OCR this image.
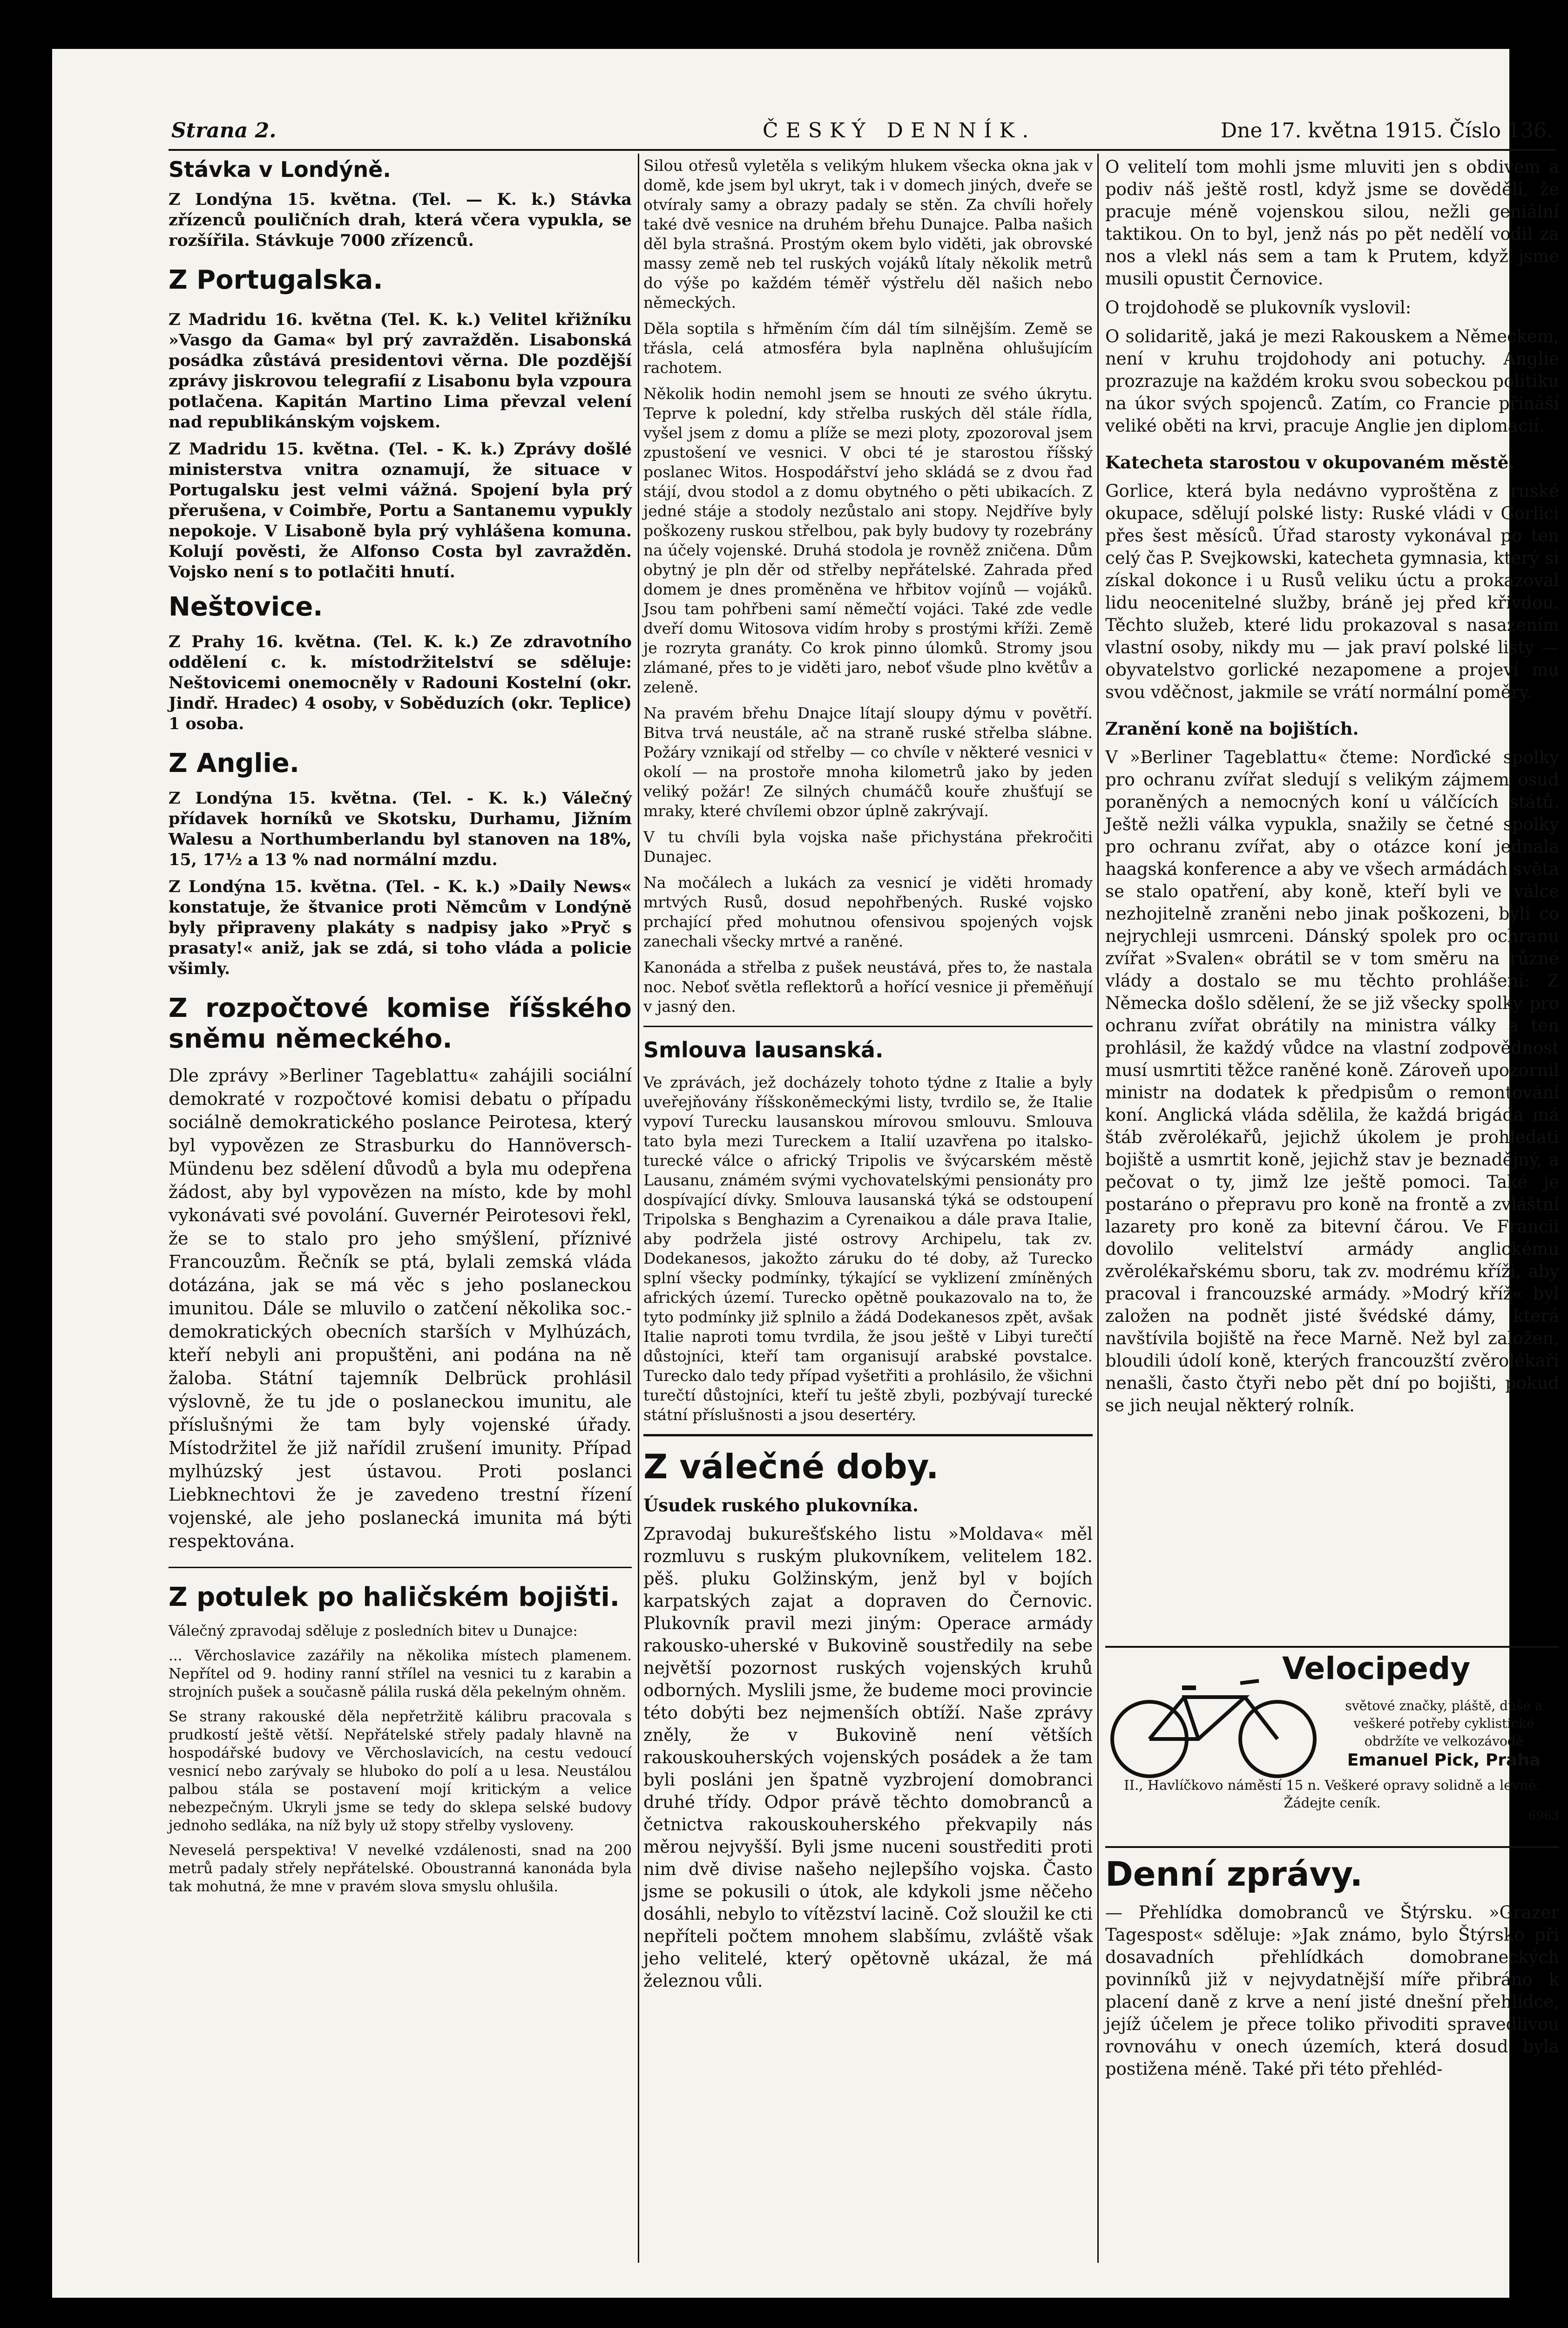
Strana 2.	ČESKÝ DENNÍK.	Dne 17. května 1915. Číslo 136.

Stávka v Londýně.

Z Londýna 15. května. (Tel. — K. k.) Stávka zřízenců pouličních drah, která včera vypukla, se rozšířila. Stávkuje 7000 zřízenců.

Z Portugalska.

Z Madridu 16. května (Tel. K. k.) Velitel křižníku »Vasgo da Gama« byl prý zavražděn. Lisabonská posádka zůstává presidentovi věrna. Dle pozdější zprávy jiskrovou telegrafií z Lisabonu byla vzpoura potlačena. Kapitán Martino Lima převzal velení nad republikánským vojskem.

Z Madridu 15. května. (Tel. - K. k.) Zprávy došlé ministerstva vnitra oznamují, že situace v Portugalsku jest velmi vážná. Spojení byla prý přerušena, v Coimbře, Portu a Santanemu vypukly nepokoje. V Lisaboně byla prý vyhlášena komuna. Kolují pověsti, že Alfonso Costa byl zavražděn. Vojsko není s to potlačiti hnutí.

Neštovice.

Z Prahy 16. května. (Tel. K. k.) Ze zdravotního oddělení c. k. místodržitelství se sděluje: Neštovicemi onemocněly v Radouni Kostelní (okr. Jindř. Hradec) 4 osoby, v Soběduzích (okr. Teplice) 1 osoba.

Z Anglie.

Z Londýna 15. května. (Tel. - K. k.) Válečný přídavek horníků ve Skotsku, Durhamu, Jižním Walesu a Northumberlandu byl stanoven na 18%, 15, 17½ a 13 % nad normální mzdu.

Z Londýna 15. května. (Tel. - K. k.) »Daily News« konstatuje, že štvanice proti Němcům v Londýně byly připraveny plakáty s nadpisy jako »Pryč s prasaty!« aniž, jak se zdá, si toho vláda a policie všimly.

Z rozpočtové komise říšského sněmu německého.

Dle zprávy »Berliner Tageblattu« zahájili sociální demokraté v rozpočtové komisi debatu o případu sociálně demokratického poslance Peirotesa, který byl vypovězen ze Strasburku do Hannöversch-Mündenu bez sdělení důvodů a byla mu odepřena žádost, aby byl vypovězen na místo, kde by mohl vykonávati své povolání. Guvernér Peirotesovi řekl, že se to stalo pro jeho smýšlení, příznivé Francouzům. Řečník se ptá, bylali zemská vláda dotázána, jak se má věc s jeho poslaneckou imunitou. Dále se mluvilo o zatčení několika soc.-demokratických obecních starších v Mylhúzách, kteří nebyli ani propuštěni, ani podána na ně žaloba. Státní tajemník Delbrück prohlásil výslovně, že tu jde o poslaneckou imunitu, ale příslušnými že tam byly vojenské úřady. Místodržitel že již nařídil zrušení imunity. Případ mylhúzský jest ústavou. Proti poslanci Liebknechtovi že je zavedeno trestní řízení vojenské, ale jeho poslanecká imunita má býti respektována.

Z potulek po haličském bojišti.

Válečný zpravodaj sděluje z posledních bitev u Dunajce:

... Věrchoslavice zazářily na několika místech plamenem. Nepřítel od 9. hodiny ranní střílel na vesnici tu z karabin a strojních pušek a současně pálila ruská děla pekelným ohněm.

Se strany rakouské děla nepřetržitě kálibru pracovala s prudkostí ještě větší. Nepřátelské střely padaly hlavně na hospodářské budovy ve Věrchoslavicích, na cestu vedoucí vesnicí nebo zarývaly se hluboko do polí a u lesa. Neustálou palbou stála se postavení mojí kritickým a velice nebezpečným. Ukryli jsme se tedy do sklepa selské budovy jednoho sedláka, na níž byly už stopy střelby vysloveny.

Neveselá perspektiva! V nevelké vzdálenosti, snad na 200 metrů padaly střely nepřátelské. Oboustranná kanonáda byla tak mohutná, že mne v pravém slova smyslu ohlušila.

Silou otřesů vyletěla s velikým hlukem všecka okna jak v domě, kde jsem byl ukryt, tak i v domech jiných, dveře se otvíraly samy a obrazy padaly se stěn. Za chvíli hořely také dvě vesnice na druhém břehu Dunajce. Palba našich děl byla strašná. Prostým okem bylo viděti, jak obrovské massy země neb tel ruských vojáků lítaly několik metrů do výše po každém téměř výstřelu děl našich nebo německých.

Děla soptila s hřměním čím dál tím silnějším. Země se třásla, celá atmosféra byla naplněna ohlušujícím rachotem.

Několik hodin nemohl jsem se hnouti ze svého úkrytu. Teprve k polední, kdy střelba ruských děl stále řídla, vyšel jsem z domu a plíže se mezi ploty, zpozoroval jsem zpustošení ve vesnici. V obci té je starostou říšský poslanec Witos. Hospodářství jeho skládá se z dvou řad stájí, dvou stodol a z domu obytného o pěti ubikacích. Z jedné stáje a stodoly nezůstalo ani stopy. Nejdříve byly poškozeny ruskou střelbou, pak byly budovy ty rozebrány na účely vojenské. Druhá stodola je rovněž zničena. Dům obytný je pln děr od střelby nepřátelské. Zahrada před domem je dnes proměněna ve hřbitov vojínů — vojáků. Jsou tam pohřbeni samí němečtí vojáci. Také zde vedle dveří domu Witosova vidím hroby s prostými kříži. Země je rozryta granáty. Co krok pinno úlomků. Stromy jsou zlámané, přes to je viděti jaro, neboť všude plno květův a zeleně.

Na pravém břehu Dnajce lítají sloupy dýmu v povětří. Bitva trvá neustále, ač na straně ruské střelba slábne. Požáry vznikají od střelby — co chvíle v některé vesnici v okolí — na prostoře mnoha kilometrů jako by jeden veliký požár! Ze silných chumáčů kouře zhušťují se mraky, které chvílemi obzor úplně zakrývají.

V tu chvíli byla vojska naše přichystána překročiti Dunajec.

Na močálech a lukách za vesnicí je viděti hromady mrtvých Rusů, dosud nepohřbených. Ruské vojsko prchající před mohutnou ofensivou spojených vojsk zanechali všecky mrtvé a raněné.

Kanonáda a střelba z pušek neustává, přes to, že nastala noc. Neboť světla reflektorů a hořící vesnice ji přeměňují v jasný den.

Smlouva lausanská.

Ve zprávách, jež docházely tohoto týdne z Italie a byly uveřejňovány říšskoněmeckými listy, tvrdilo se, že Italie vypoví Turecku lausanskou mírovou smlouvu. Smlouva tato byla mezi Tureckem a Italií uzavřena po italsko-turecké válce o africký Tripolis ve švýcarském městě Lausanu, známém svými vychovatelskými pensionáty pro dospívající dívky. Smlouva lausanská týká se odstoupení Tripolska s Benghazim a Cyrenaikou a dále prava Italie, aby podržela jisté ostrovy Archipelu, tak zv. Dodekanesos, jakožto záruku do té doby, až Turecko splní všecky podmínky, týkající se vyklizení zmíněných afrických území. Turecko opětně poukazovalo na to, že tyto podmínky již splnilo a žádá Dodekanesos zpět, avšak Italie naproti tomu tvrdila, že jsou ještě v Libyi turečtí důstojníci, kteří tam organisují arabské povstalce. Turecko dalo tedy případ vyšetřiti a prohlásilo, že všichni turečtí důstojníci, kteří tu ještě zbyli, pozbývají turecké státní příslušnosti a jsou desertéry.

Z válečné doby.

Úsudek ruského plukovníka.

Zpravodaj bukurešťského listu »Moldava« měl rozmluvu s ruským plukovníkem, velitelem 182. pěš. pluku Golžinským, jenž byl v bojích karpatských zajat a dopraven do Černovic. Plukovník pravil mezi jiným: Operace armády rakousko-uherské v Bukovině soustředily na sebe největší pozornost ruských vojenských kruhů odborných. Myslili jsme, že budeme moci provincie této dobýti bez nejmenších obtíží. Naše zprávy zněly, že v Bukovině není větších rakouskouherských vojenských posádek a že tam byli posláni jen špatně vyzbrojení domobranci druhé třídy. Odpor právě těchto domobranců a četnictva rakouskouherského překvapily nás měrou nejvyšší. Byli jsme nuceni soustřediti proti nim dvě divise našeho nejlepšího vojska. Často jsme se pokusili o útok, ale kdykoli jsme něčeho dosáhli, nebylo to vítězství lacině. Což sloužil ke cti nepříteli počtem mnohem slabšímu, zvláště však jeho velitelé, který opětovně ukázal, že má železnou vůli.

O velitelí tom mohli jsme mluviti jen s obdivem a podiv náš ještě rostl, když jsme se dověděli, že pracuje méně vojenskou silou, nežli geniální taktikou. On to byl, jenž nás po pět nedělí vodil za nos a vlekl nás sem a tam k Prutem, když jsme musili opustit Černovice.

O trojdohodě se plukovník vyslovil:

O solidaritě, jaká je mezi Rakouskem a Německem, není v kruhu trojdohody ani potuchy. Anglie prozrazuje na každém kroku svou sobeckou politiku na úkor svých spojenců. Zatím, co Francie přináší veliké oběti na krvi, pracuje Anglie jen diplomacií.

Katecheta starostou v okupovaném městě.

Gorlice, která byla nedávno vyproštěna z ruské okupace, sdělují polské listy: Ruské vládi v Gorlici přes šest měsíců. Úřad starosty vykonával po ten celý čas P. Svejkowski, katecheta gymnasia, který si získal dokonce i u Rusů veliku úctu a prokazoval lidu neocenitelné služby, bráně jej před křivdou. Těchto služeb, které lidu prokazoval s nasazením vlastní osoby, nikdy mu — jak praví polské listy — obyvatelstvo gorlické nezapomene a projeví mu svou vděčnost, jakmile se vrátí normální poměry.

Zranění koně na bojištích.

V »Berliner Tageblattu« čteme: Norďické spolky pro ochranu zvířat sledují s velikým zájmem osud poraněných a nemocných koní u válčících států. Ještě nežli válka vypukla, snažily se četné spolky pro ochranu zvířat, aby o otázce koní jednala haagská konference a aby ve všech armádách světa se stalo opatření, aby koně, kteří byli ve válce nezhojitelně zraněni nebo jinak poškozeni, byli co nejrychleji usmrceni. Dánský spolek pro ochranu zvířat »Svalen« obrátil se v tom směru na různé vlády a dostalo se mu těchto prohlášení: Z Německa došlo sdělení, že se již všecky spolky pro ochranu zvířat obrátily na ministra války a ten prohlásil, že každý vůdce na vlastní zodpovědnost musí usmrtiti těžce raněné koně. Zároveň upozornil ministr na dodatek k předpisům o remontování koní. Anglická vláda sdělila, že každá brigáda má štáb zvěrolékařů, jejichž úkolem je prohledati bojiště a usmrtit koně, jejichž stav je beznadějný, a pečovat o ty, jimž lze ještě pomoci. Také je postaráno o přepravu pro koně na frontě a zvláštní lazarety pro koně za bitevní čárou. Ve Francii dovolilo velitelství armády anglickému zvěrolékařskému sboru, tak zv. modrému kříži, aby pracoval i francouzské armády. »Modrý kříž« byl založen na podnět jisté švédské dámy, která navštívila bojiště na řece Marně. Než byl založen, bloudili údolí koně, kterých francouzští zvěrolékaři nenašli, často čtyři nebo pět dní po bojišti, pokud se jich neujal některý rolník.

Velocipedy
světové značky, pláště, duše a veškeré potřeby cyklistické obdržíte ve velkozávodě
Emanuel Pick, Praha
II., Havlíčkovo náměstí 15 n. Veškeré opravy solidně a levně. Žádejte ceník.
6963

Denní zprávy.

— Přehlídka domobranců ve Štýrsku. »Grazer Tagespost« sděluje: »Jak známo, bylo Štýrsko při dosavadních přehlídkách domobraneckých povinníků již v nejvydatnější míře přibráno k placení daně z krve a není jisté dnešní přehlídce, jejíž účelem je přece toliko přivoditi spravedlivou rovnováhu v onech územích, která dosud byla postižena méně. Také při této přehléd-
